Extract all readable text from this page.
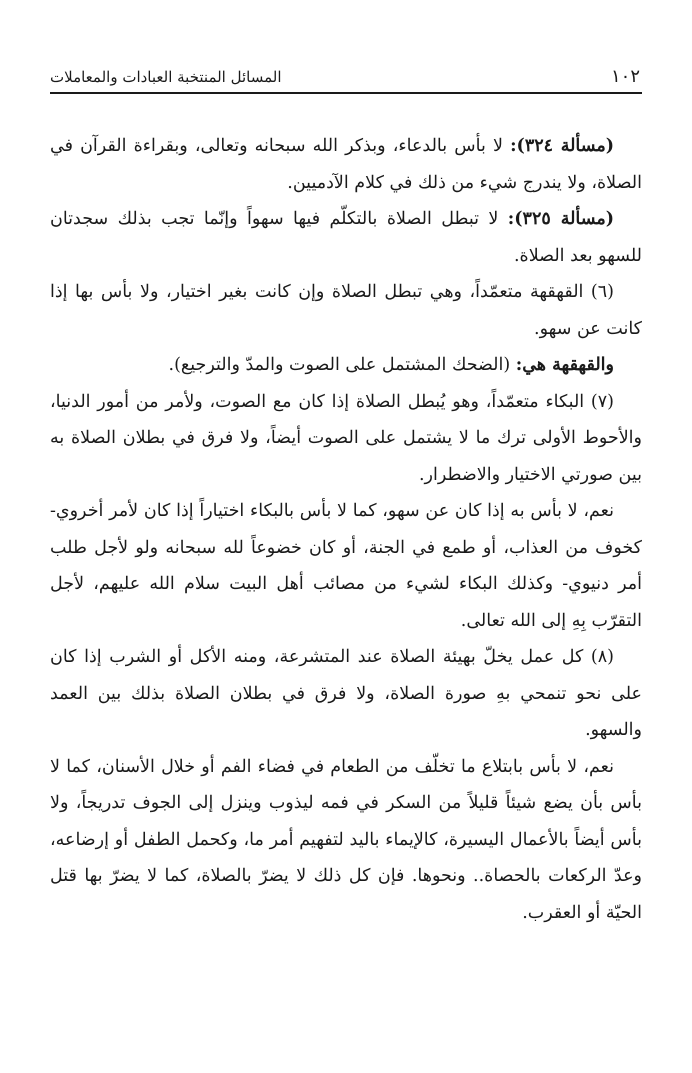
١٠٢
المسائل المنتخبة العبادات والمعاملات

(مسألة ٣٢٤): لا بأس بالدعاء، وبذكر الله سبحانه وتعالى، وبقراءة القرآن في الصلاة، ولا يندرج شيء من ذلك في كلام الآدميين.

(مسألة ٣٢٥): لا تبطل الصلاة بالتكلّم فيها سهواً وإنّما تجب بذلك سجدتان للسهو بعد الصلاة.

(٦) القهقهة متعمّداً، وهي تبطل الصلاة وإن كانت بغير اختيار، ولا بأس بها إذا كانت عن سهو.

والقهقهة هي: (الضحك المشتمل على الصوت والمدّ والترجيع).

(٧) البكاء متعمّداً، وهو يُبطل الصلاة إذا كان مع الصوت، ولأمر من أمور الدنيا، والأحوط الأولى ترك ما لا يشتمل على الصوت أيضاً، ولا فرق في بطلان الصلاة به بين صورتي الاختيار والاضطرار.

نعم، لا بأس به إذا كان عن سهو، كما لا بأس بالبكاء اختياراً إذا كان لأمر أخروي- كخوف من العذاب، أو طمع في الجنة، أو كان خضوعاً لله سبحانه ولو لأجل طلب أمر دنيوي- وكذلك البكاء لشيء من مصائب أهل البيت سلام الله عليهم، لأجل التقرّب بِهِ إلى الله تعالى.

(٨) كل عمل يخلّ بهيئة الصلاة عند المتشرعة، ومنه الأكل أو الشرب إذا كان على نحو تنمحي بهِ صورة الصلاة، ولا فرق في بطلان الصلاة بذلك بين العمد والسهو.

نعم، لا بأس بابتلاع ما تخلّف من الطعام في فضاء الفم أو خلال الأسنان، كما لا بأس بأن يضع شيئاً قليلاً من السكر في فمه ليذوب وينزل إلى الجوف تدريجاً، ولا بأس أيضاً بالأعمال اليسيرة، كالإيماء باليد لتفهيم أمر ما، وكحمل الطفل أو إرضاعه، وعدّ الركعات بالحصاة.. ونحوها. فإن كل ذلك لا يضرّ بالصلاة، كما لا يضرّ بها قتل الحيّة أو العقرب.
